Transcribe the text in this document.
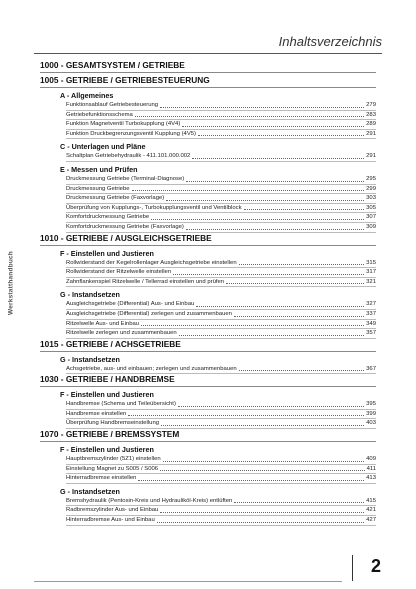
Inhaltsverzeichnis
Werkstatthandbuch
1000 - GESAMTSYSTEM / GETRIEBE
1005 - GETRIEBE / GETRIEBESTEUERUNG
A - Allgemeines
Funktionsablauf Getriebesteuerung	279
Getriebefunktionsschema	283
Funktion Magnetventil Turbokupplung (4V4)	289
Funktion Druckbegrenzungsventil Kupplung (4V5)	291
C - Unterlagen und Pläne
Schaltplan Getriebehydraulik - 411.101.000.002	291
E - Messen und Prüfen
Druckmessung Getriebe (Terminal-Diagnose)	295
Druckmessung Getriebe	299
Druckmessung Getriebe (Faxvorlage)	303
Überprüfung von Kupplungs-, Turbokupplungsventil und Ventilblock	305
Komfortdruckmessung Getriebe	307
Komfortdruckmessung Getriebe (Faxvorlage)	309
1010 - GETRIEBE / AUSGLEICHSGETRIEBE
F - Einstellen und Justieren
Rollwiderstand der Kegelrollenlager Ausgleichsgetriebe einstellen	315
Rollwiderstand der Ritzelwelle einstellen	317
Zahnflankenspiel Ritzelwelle / Tellerrad einstellen und prüfen	321
G - Instandsetzen
Ausgleichsgetriebe (Differential) Aus- und Einbau	327
Ausgleichsgetriebe (Differential) zerlegen und zusammenbauen	337
Ritzelwelle Aus- und Einbau	349
Ritzelwelle zerlegen und zusammenbauen	357
1015 - GETRIEBE / ACHSGETRIEBE
G - Instandsetzen
Achsgetriebe, aus- und einbauen; zerlegen und zusammenbauen	367
1030 - GETRIEBE / HANDBREMSE
F - Einstellen und Justieren
Handbremse (Schema und Teileübersicht)	395
Handbremse einstellen	399
Überprüfung Handbremseinstellung	403
1070 - GETRIEBE / BREMSSYSTEM
F - Einstellen und Justieren
Hauptbremszylinder (5Z1) einstellen	409
Einstellung Magnet zu S005 / S006	411
Hinterradbremse einstellen	413
G - Instandsetzen
Bremshydraulik (Pentosin-Kreis und Hydrauliköl-Kreis) entlüften	415
Radbremszylinder Aus- und Einbau	421
Hinterradbremse Aus- und Einbau	427
2
